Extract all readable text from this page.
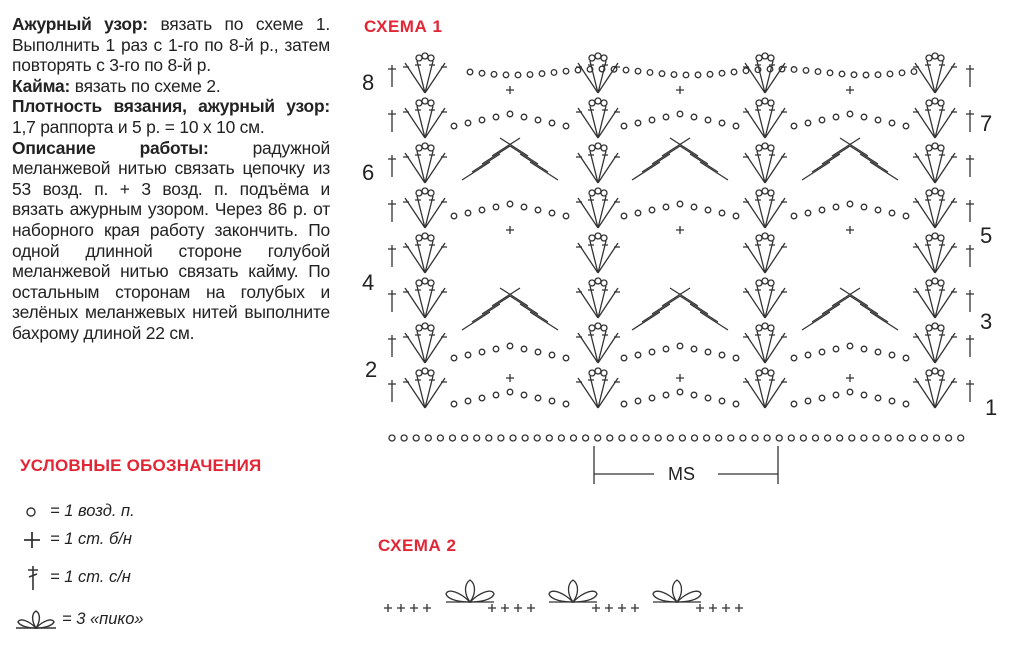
Ажурный узор: вязать по схеме 1. Выполнить 1 раз с 1-го по 8-й р., затем повторять с 3-го по 8-й р.

Кайма: вязать по схеме 2.

Плотность вязания, ажурный узор: 1,7 раппорта и 5 р. = 10 х 10 см.

Описание работы: радужной меланжевой нитью связать цепочку из 53 возд. п. + 3 возд. п. подъёма и вязать ажурным узором. Через 86 р. от наборного края работу закончить. По одной длинной стороне голубой меланжевой нитью связать кайму. По остальным сторонам на голубых и зелёных меланжевых нитей выполните бахрому длиной 22 см.

УСЛОВНЫЕ ОБОЗНАЧЕНИЯ
= 1 возд. п.
= 1 ст. б/н
= 1 ст. с/н
= 3 «пико»
СХЕМА 1
СХЕМА 2
8
6
4
2
7
5
3
1
MS
